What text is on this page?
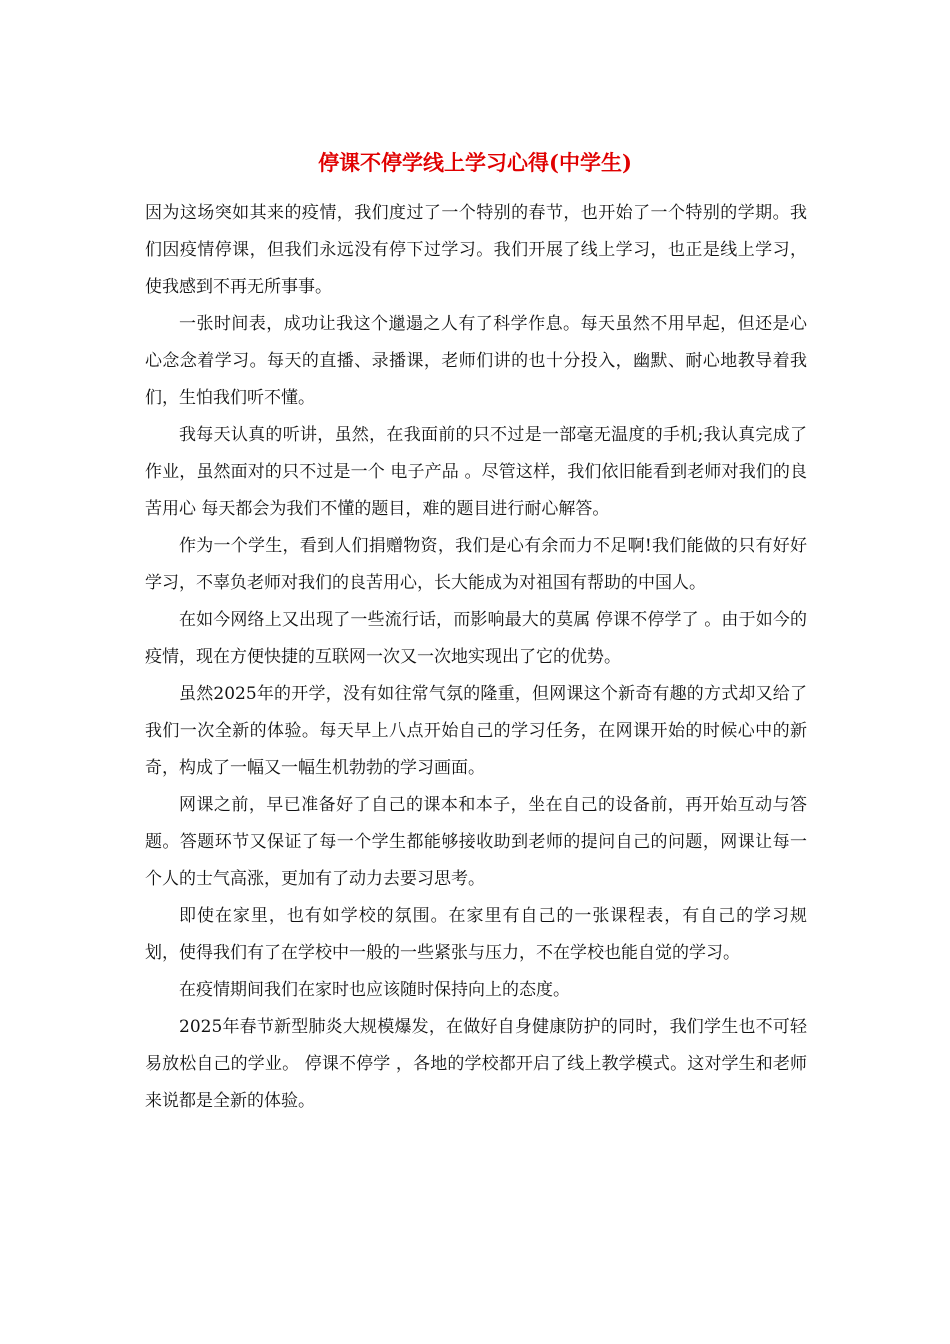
停课不停学线上学习心得(中学生)

因为这场突如其来的疫情，我们度过了一个特别的春节，也开始了一个特别的学期。我们因疫情停课，但我们永远没有停下过学习。我们开展了线上学习，也正是线上学习，使我感到不再无所事事。

一张时间表，成功让我这个邋遢之人有了科学作息。每天虽然不用早起，但还是心心念念着学习。每天的直播、录播课，老师们讲的也十分投入，幽默、耐心地教导着我们，生怕我们听不懂。

我每天认真的听讲，虽然，在我面前的只不过是一部毫无温度的手机;我认真完成了作业，虽然面对的只不过是一个 电子产品 。尽管这样，我们依旧能看到老师对我们的良苦用心 每天都会为我们不懂的题目，难的题目进行耐心解答。

作为一个学生，看到人们捐赠物资，我们是心有余而力不足啊!我们能做的只有好好学习，不辜负老师对我们的良苦用心，长大能成为对祖国有帮助的中国人。

在如今网络上又出现了一些流行话，而影响最大的莫属 停课不停学了 。由于如今的疫情，现在方便快捷的互联网一次又一次地实现出了它的优势。

虽然2025年的开学，没有如往常气氛的隆重，但网课这个新奇有趣的方式却又给了我们一次全新的体验。每天早上八点开始自己的学习任务，在网课开始的时候心中的新奇，构成了一幅又一幅生机勃勃的学习画面。

网课之前，早已准备好了自己的课本和本子，坐在自己的设备前，再开始互动与答题。答题环节又保证了每一个学生都能够接收助到老师的提问自己的问题，网课让每一个人的士气高涨，更加有了动力去要习思考。

即使在家里，也有如学校的氛围。在家里有自己的一张课程表，有自己的学习规划，使得我们有了在学校中一般的一些紧张与压力，不在学校也能自觉的学习。

在疫情期间我们在家时也应该随时保持向上的态度。

2025年春节新型肺炎大规模爆发，在做好自身健康防护的同时，我们学生也不可轻易放松自己的学业。 停课不停学 ，各地的学校都开启了线上教学模式。这对学生和老师来说都是全新的体验。
